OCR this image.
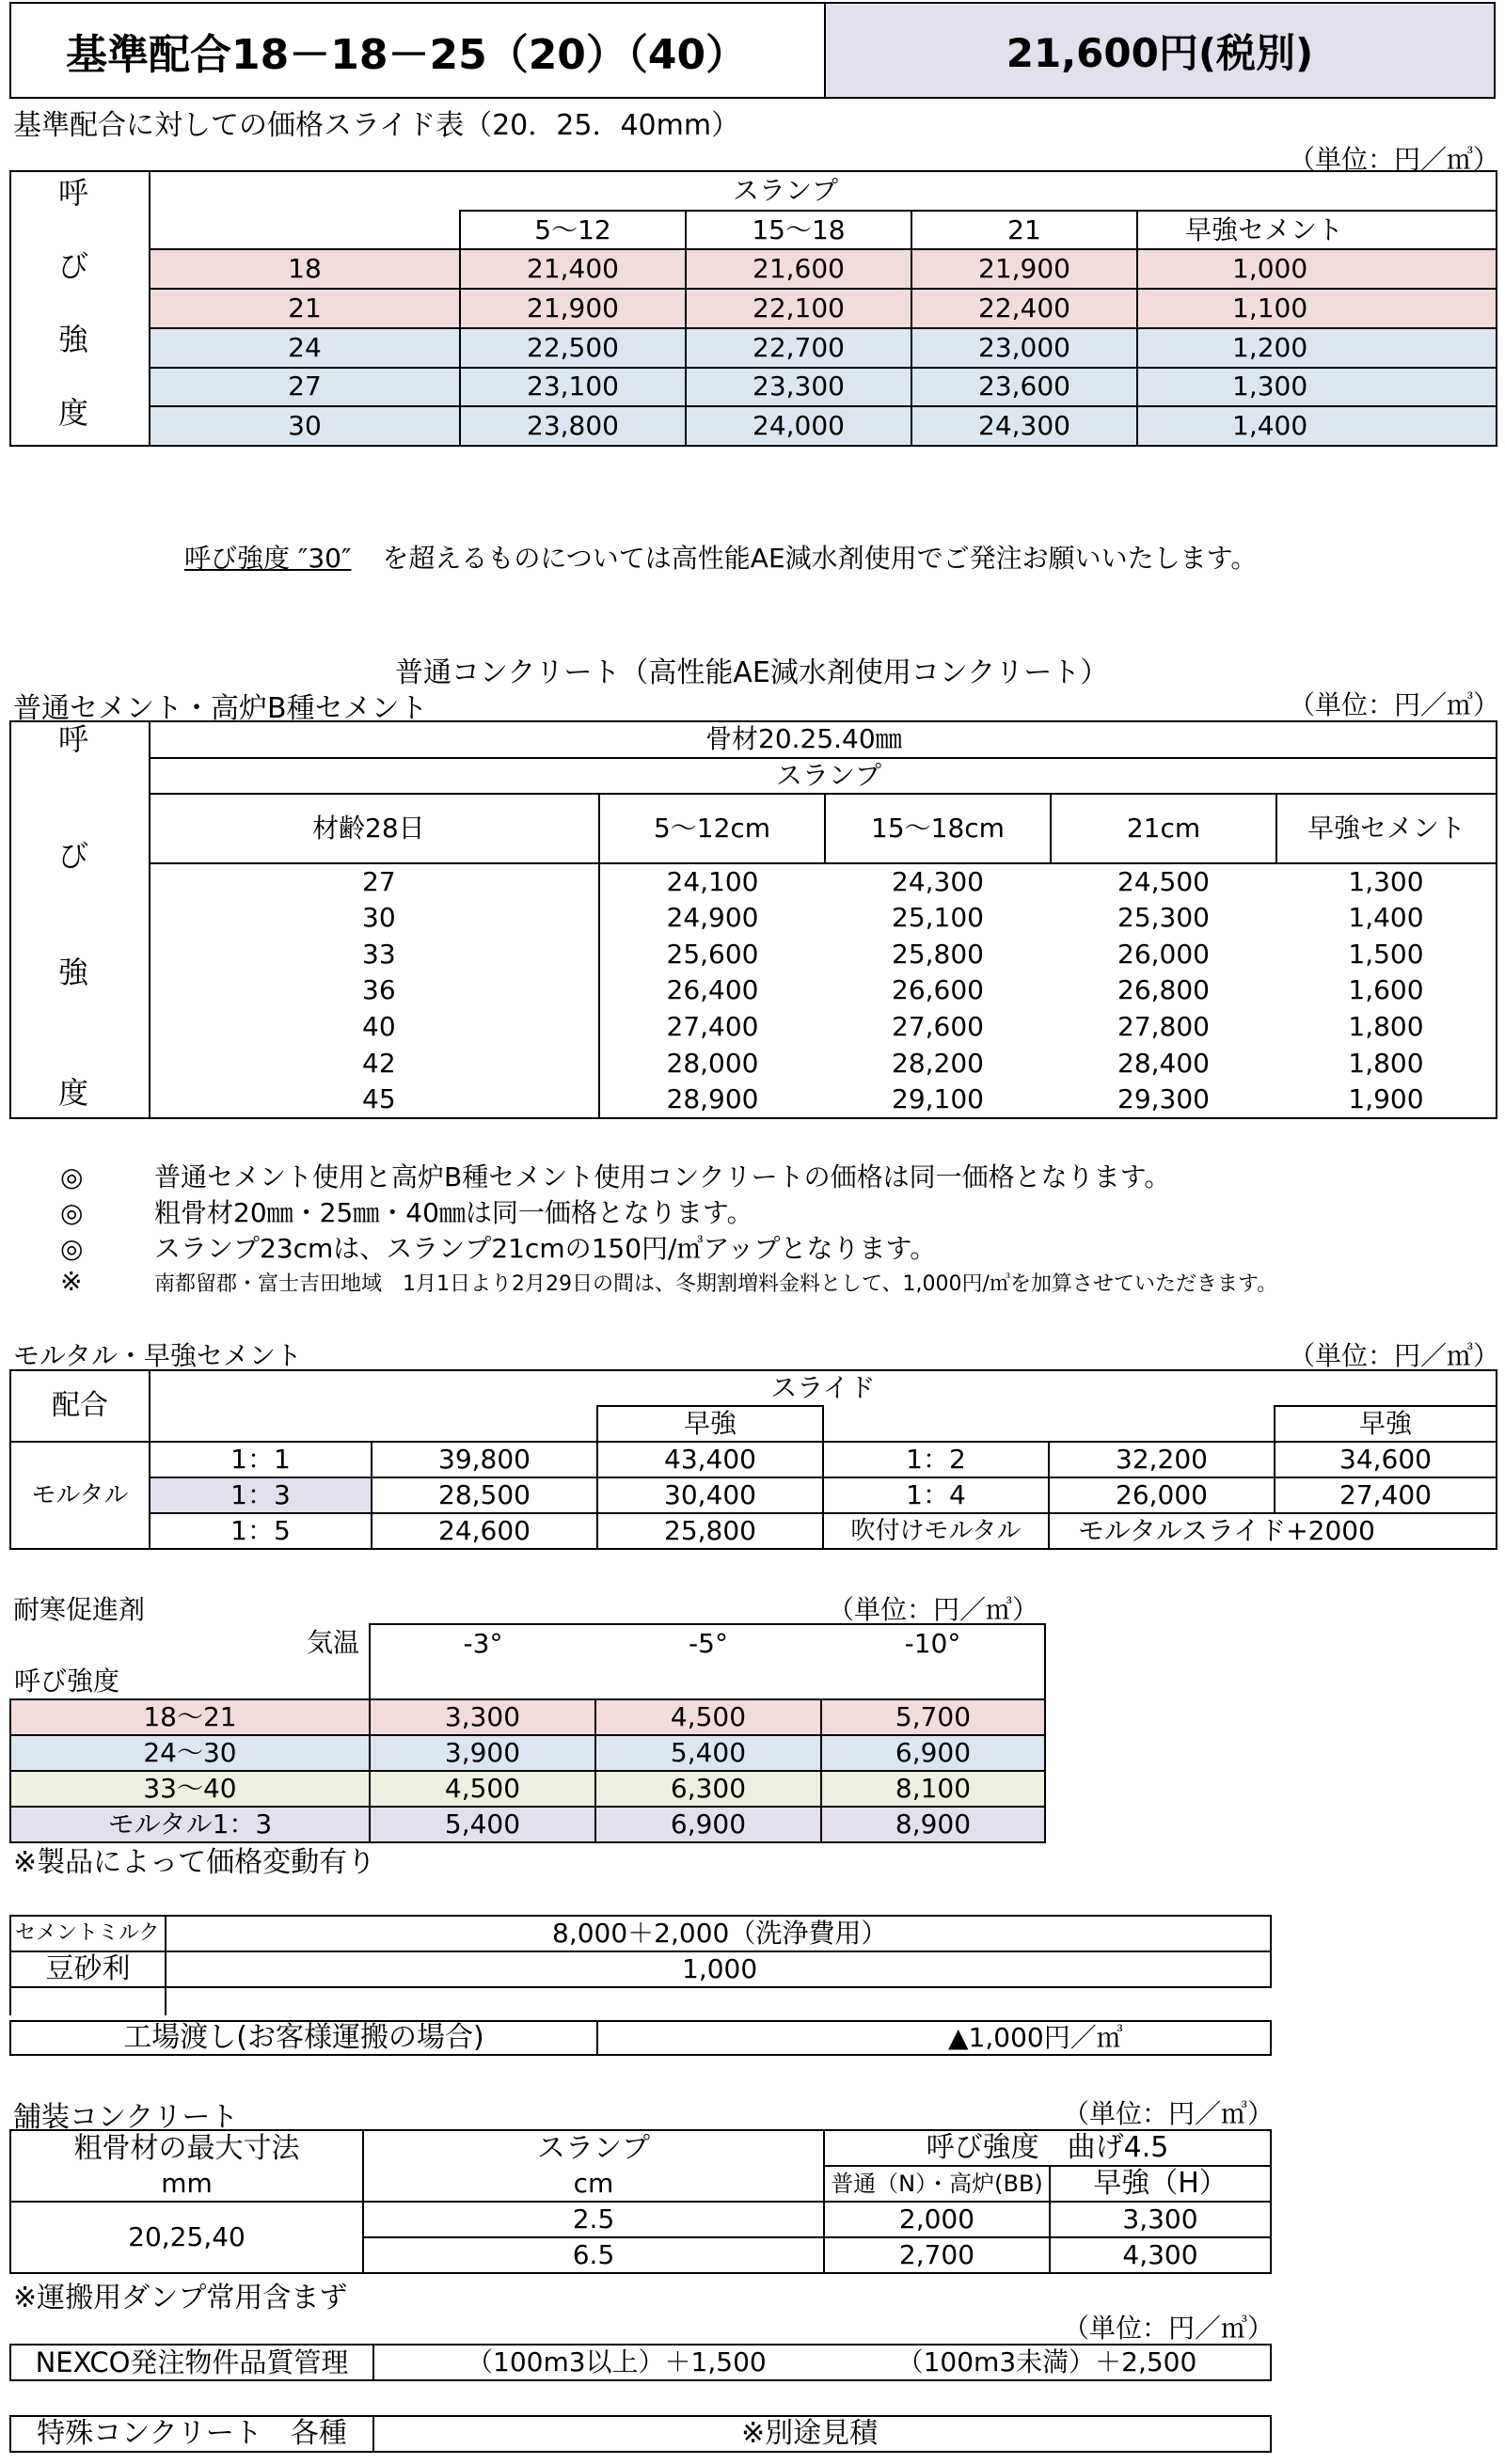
基準配合18－18－25（20）（40）	21,600円(税別)
基準配合に対しての価格スライド表（20．25．40mm）
（単位：円／㎥）
呼
び
強
度		スランプ			
		5～12	15～18	21	早強セメント
	18	21,400	21,600	21,900	1,000
	21	21,900	22,100	22,400	1,100
	24	22,500	22,700	23,000	1,200
	27	23,100	23,300	23,600	1,300
	30	23,800	24,000	24,300	1,400
呼び強度 ″30″ を超えるものについては高性能AE減水剤使用でご発注お願いいたします。
普通コンクリート（高性能AE減水剤使用コンクリート）
普通セメント・高炉B種セメント	（単位：円／㎥）
呼
び
強
度	骨材20.25.40㎜				
	スランプ				
	材齢28日	5～12cm	15～18cm	21cm	早強セメント
	27	24,100	24,300	24,500	1,300
	30	24,900	25,100	25,300	1,400
	33	25,600	25,800	26,000	1,500
	36	26,400	26,600	26,800	1,600
	40	27,400	27,600	27,800	1,800
	42	28,000	28,200	28,400	1,800
	45	28,900	29,100	29,300	1,900
◎	普通セメント使用と高炉B種セメント使用コンクリートの価格は同一価格となります。
◎	粗骨材20㎜・25㎜・40㎜は同一価格となります。
◎	スランプ23cmは、スランプ21cmの150円/㎥アップとなります。
※	南都留郡・富士吉田地域　1月1日より2月29日の間は、冬期割増料金料として、1,000円/㎥を加算させていただきます。
モルタル・早強セメント	（単位：円／㎥）
配合	スライド					
			早強			早強
モルタル	1：1	39,800	43,400	1：2	32,200	34,600
	1：3	28,500	30,400	1：4	26,000	27,400
	1：5	24,600	25,800	吹付けモルタル	モルタルスライド+2000	
耐寒促進剤	（単位：円／㎥）
気温	-3°	-5°	-10°
呼び強度			
18～21	3,300	4,500	5,700
24～30	3,900	5,400	6,900
33～40	4,500	6,300	8,100
モルタル1：3	5,400	6,900	8,900
※製品によって価格変動有り
セメントミルク	8,000＋2,000（洗浄費用）
豆砂利	1,000

工場渡し(お客様運搬の場合)	▲1,000円／㎥
舗装コンクリート	（単位：円／㎥）
粗骨材の最大寸法	スランプ	呼び強度　曲げ4.5	
mm	cm	普通（N）・高炉(BB)	早強（H）
20,25,40	2.5	2,000	3,300
	6.5	2,700	4,300
※運搬用ダンプ常用含まず
（単位：円／㎥）
NEXCO発注物件品質管理	（100m3以上）＋1,500	（100m3未満）＋2,500
特殊コンクリート　各種	※別途見積
